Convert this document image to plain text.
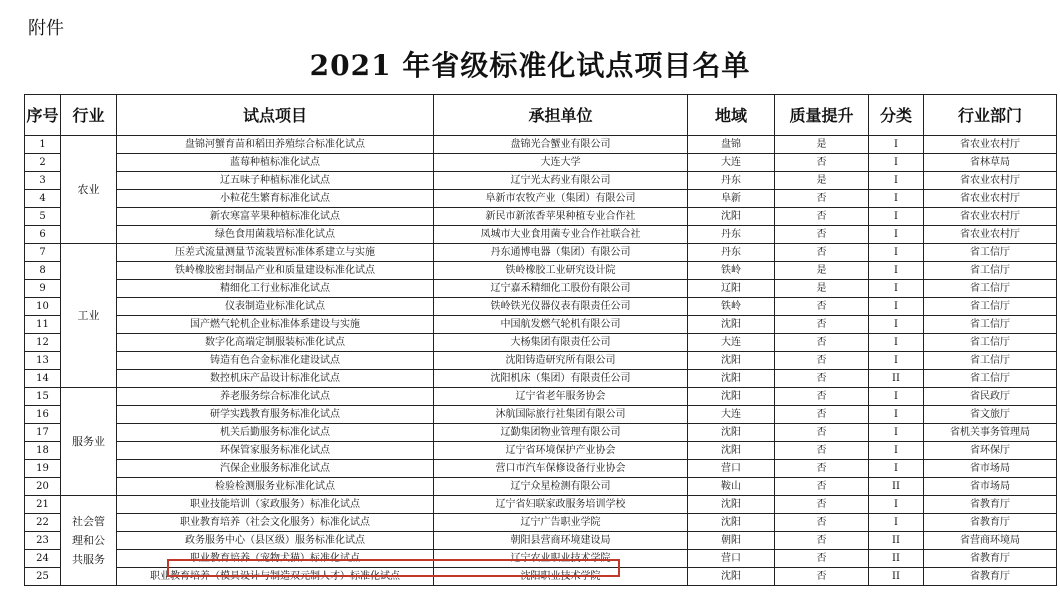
附件
2021 年省级标准化试点项目名单
序号	行业	试点项目	承担单位	地域	质量提升	分类	行业部门
1	农业	盘锦河蟹育苗和稻田养殖综合标准化试点	盘锦光合蟹业有限公司	盘锦	是	I	省农业农村厅
2		蓝莓种植标准化试点	大连大学	大连	否	I	省林草局
3		辽五味子种植标准化试点	辽宁光太药业有限公司	丹东	是	I	省农业农村厅
4		小粒花生繁育标准化试点	阜新市农牧产业（集团）有限公司	阜新	否	I	省农业农村厅
5		新农寒富苹果种植标准化试点	新民市新浓香苹果种植专业合作社	沈阳	否	I	省农业农村厅
6		绿色食用菌栽培标准化试点	凤城市大业食用菌专业合作社联合社	丹东	否	I	省农业农村厅
7	工业	压差式流量测量节流装置标准体系建立与实施	丹东通博电器（集团）有限公司	丹东	否	I	省工信厅
8		铁岭橡胶密封制品产业和质量建设标准化试点	铁岭橡胶工业研究设计院	铁岭	是	I	省工信厅
9		精细化工行业标准化试点	辽宁嘉禾精细化工股份有限公司	辽阳	是	I	省工信厅
10		仪表制造业标准化试点	铁岭铁光仪器仪表有限责任公司	铁岭	否	I	省工信厅
11		国产燃气轮机企业标准体系建设与实施	中国航发燃气轮机有限公司	沈阳	否	I	省工信厅
12		数字化高端定制服装标准化试点	大杨集团有限责任公司	大连	否	I	省工信厅
13		铸造有色合金标准化建设试点	沈阳铸造研究所有限公司	沈阳	否	I	省工信厅
14		数控机床产品设计标准化试点	沈阳机床（集团）有限责任公司	沈阳	否	II	省工信厅
15	服务业	养老服务综合标准化试点	辽宁省老年服务协会	沈阳	否	I	省民政厅
16		研学实践教育服务标准化试点	沐航国际旅行社集团有限公司	大连	否	I	省文旅厅
17		机关后勤服务标准化试点	辽勤集团物业管理有限公司	沈阳	否	I	省机关事务管理局
18		环保管家服务标准化试点	辽宁省环境保护产业协会	沈阳	否	I	省环保厅
19		汽保企业服务标准化试点	营口市汽车保修设备行业协会	营口	否	I	省市场局
20		检验检测服务业标准化试点	辽宁众星检测有限公司	鞍山	否	II	省市场局
21	社会管理和公共服务	职业技能培训（家政服务）标准化试点	辽宁省妇联家政服务培训学校	沈阳	否	I	省教育厅
22		职业教育培养（社会文化服务）标准化试点	辽宁广告职业学院	沈阳	否	I	省教育厅
23		政务服务中心（县区级）服务标准化试点	朝阳县营商环境建设局	朝阳	否	II	省营商环境局
24		职业教育培养（宠物犬猫）标准化试点	辽宁农业职业技术学院	营口	否	II	省教育厅
25		职业教育培养（模具设计与制造双元制人才）标准化试点	沈阳职业技术学院	沈阳	否	II	省教育厅
